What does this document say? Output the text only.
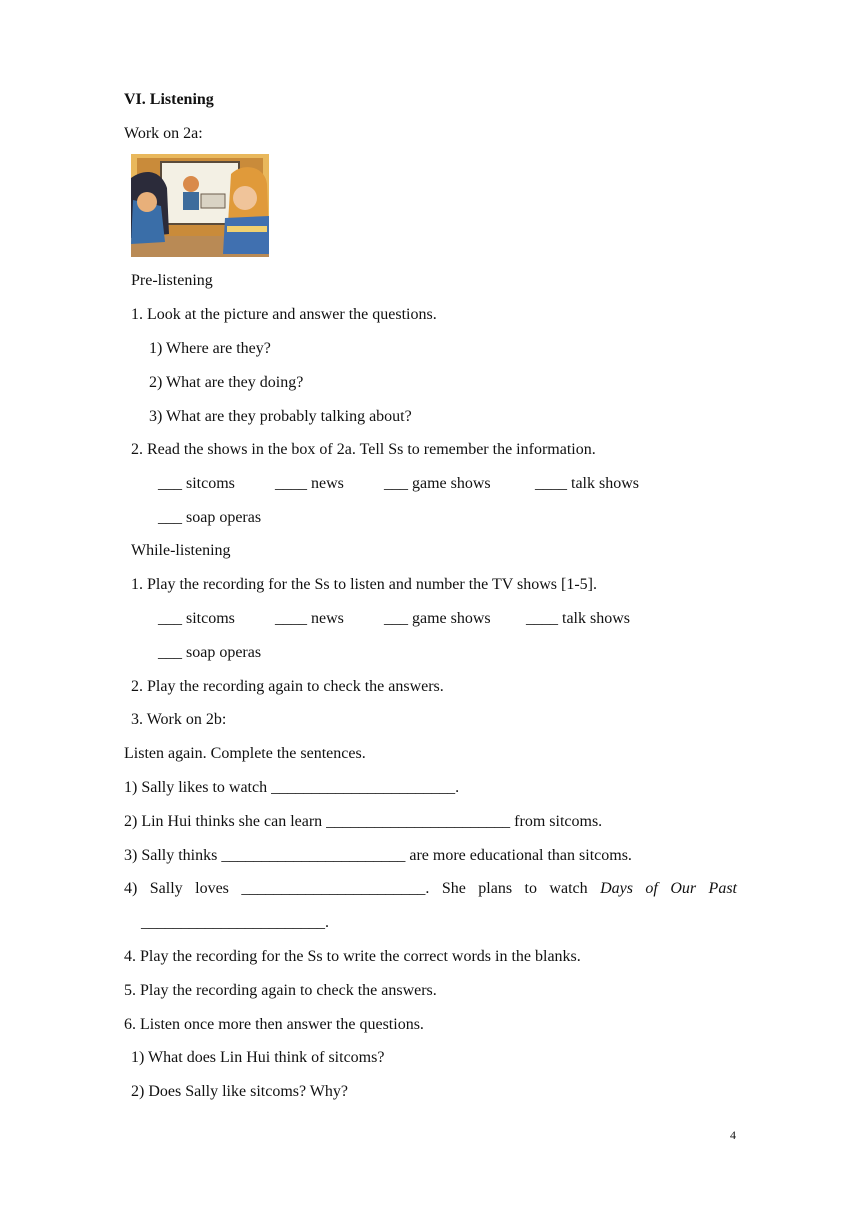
VI. Listening
Work on 2a:
Pre-listening
1. Look at the picture and answer the questions.
1) Where are they?
2) What are they doing?
3) What are they probably talking about?
2. Read the shows in the box of 2a. Tell Ss to remember the information.
___ sitcoms	____ news	___ game shows	____ talk shows
___ soap operas
While-listening
1. Play the recording for the Ss to listen and number the TV shows [1-5].
___ sitcoms	____ news	___ game shows ____ talk shows
___ soap operas
2. Play the recording again to check the answers.
3. Work on 2b:
Listen again. Complete the sentences.
1) Sally likes to watch _______________________.
2) Lin Hui thinks she can learn _______________________ from sitcoms.
3) Sally thinks _______________________ are more educational than sitcoms.
4) Sally loves _______________________. She plans to watch Days of Our Past
_______________________.
4. Play the recording for the Ss to write the correct words in the blanks.
5. Play the recording again to check the answers.
6. Listen once more then answer the questions.
1) What does Lin Hui think of sitcoms?
2) Does Sally like sitcoms? Why?
4
